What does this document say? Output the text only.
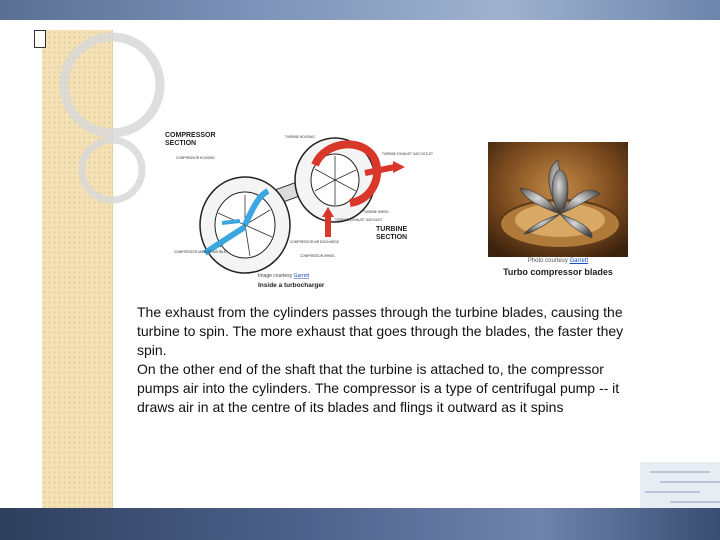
COMPRESSOR
SECTION
TURBINE
SECTION
COMPRESSOR HOUSING
TURBINE HOUSING
TURBINE EXHAUST GAS OUTLET
TURBINE WHEEL
TURBINE EXHAUST GAS INLET
COMPRESSOR AIR DISCHARGE
COMPRESSOR AMBIENT AIR INLET
COMPRESSOR WHEEL
Image courtesy Garrett
Inside a turbocharger
Photo courtesy Garrett
Turbo compressor blades

The exhaust from the cylinders passes through the turbine blades, causing the turbine to spin. The more exhaust that goes through the blades, the faster they spin.

On the other end of the shaft that the turbine is attached to, the compressor pumps air into the cylinders. The compressor is a type of centrifugal pump -- it draws air in at the centre of its blades and flings it outward as it spins
